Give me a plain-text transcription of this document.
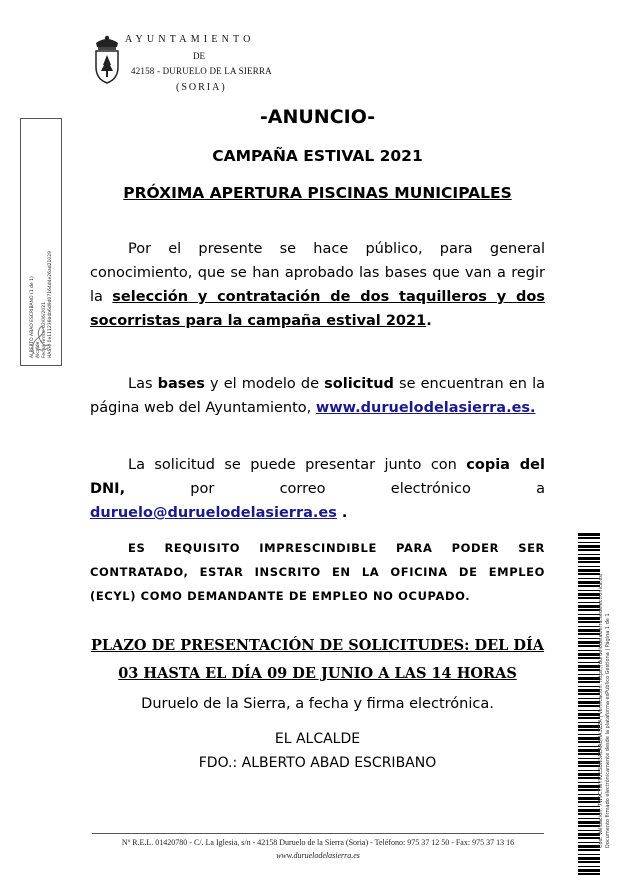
AYUNTAMIENTO
DE
42158 - DURUELO DE LA SIERRA
(SORIA)
ALBERTO ABAD ESCRIBANO (1 de 1) Alcalde Fecha Firma: 02/06/2021 HASH: 0e111236b4b6d9d07164d4e26ad21029
Cód. Validación: 7W9CTWY92E3DN3AEAAQHA3Z2A | Verificación: https://duruelodelasierra.sedelectronica.es/ Documento firmado electrónicamente desde la plataforma esPublico Gestiona | Página 1 de 1
-ANUNCIO-
CAMPAÑA ESTIVAL 2021
PRÓXIMA APERTURA PISCINAS MUNICIPALES
Por el presente se hace público, para general conocimiento, que se han aprobado las bases que van a regir la selección y contratación de dos taquilleros y dos socorristas para la campaña estival 2021.
Las bases y el modelo de solicitud se encuentran en la página web del Ayuntamiento, www.duruelodelasierra.es.
La solicitud se puede presentar junto con copia del DNI, por correo electrónico a duruelo@duruelodelasierra.es .
ES REQUISITO IMPRESCINDIBLE PARA PODER SER CONTRATADO, ESTAR INSCRITO EN LA OFICINA DE EMPLEO (ECYL) COMO DEMANDANTE DE EMPLEO NO OCUPADO.
PLAZO DE PRESENTACIÓN DE SOLICITUDES: DEL DÍA 03 HASTA EL DÍA 09 DE JUNIO A LAS 14 HORAS
Duruelo de la Sierra, a fecha y firma electrónica.
EL ALCALDE
FDO.: ALBERTO ABAD ESCRIBANO
Nº R.E.L. 01420780 - C/. La Iglesia, s/n - 42158 Duruelo de la Sierra (Soria) - Teléfono: 975 37 12 50 - Fax: 975 37 13 16
www.duruelodelasierra.es
